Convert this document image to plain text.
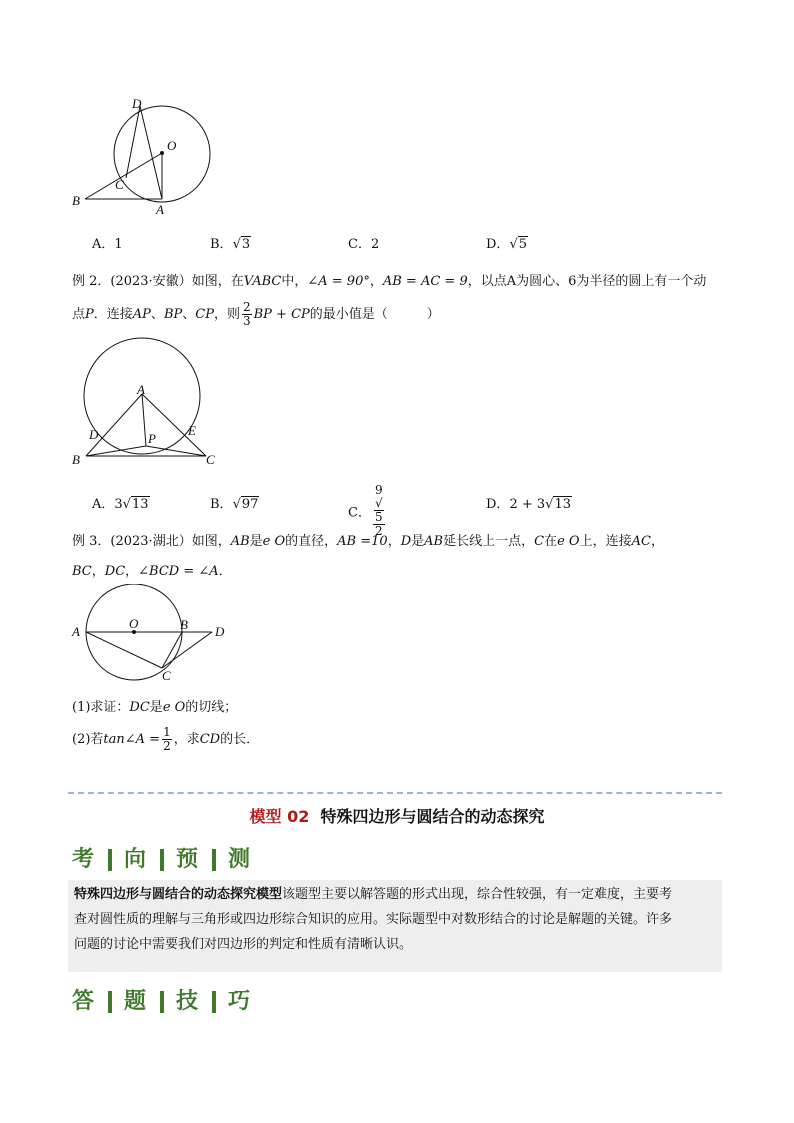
D
O
C
B
A
A．1	B．√3	C．2	D．√5
例 2．(2023·安徽）如图，在VABC中，∠A = 90°，AB = AC = 9，以点A为圆心、6为半径的圆上有一个动
点P．连接AP、BP、CP，则 $\frac{2}{3}$ BP + CP的最小值是（　　　）
A
D	P
E
B	C
A．3√13	B．√97
C． 9
√
5
2	D．2 + 3√13
例 3．(2023·湖北）如图，AB是e O的直径，AB =10，D是AB延长线上一点，C在e O上，连接AC，
BC，DC，∠BCD = ∠A．
A
O	B D
C
(1)求证：DC是e O的切线；
(2)若tan∠A = $\frac{1}{2}$ ，求CD的长．
模型 02 特殊四边形与圆结合的动态探究
考 向 预 测
特殊四边形与圆结合的动态探究模型该题型主要以解答题的形式出现，综合性较强，有一定难度，主要考
查对圆性质的理解与三角形或四边形综合知识的应用。实际题型中对数形结合的讨论是解题的关键。许多
问题的讨论中需要我们对四边形的判定和性质有清晰认识。
答 题 技 巧
